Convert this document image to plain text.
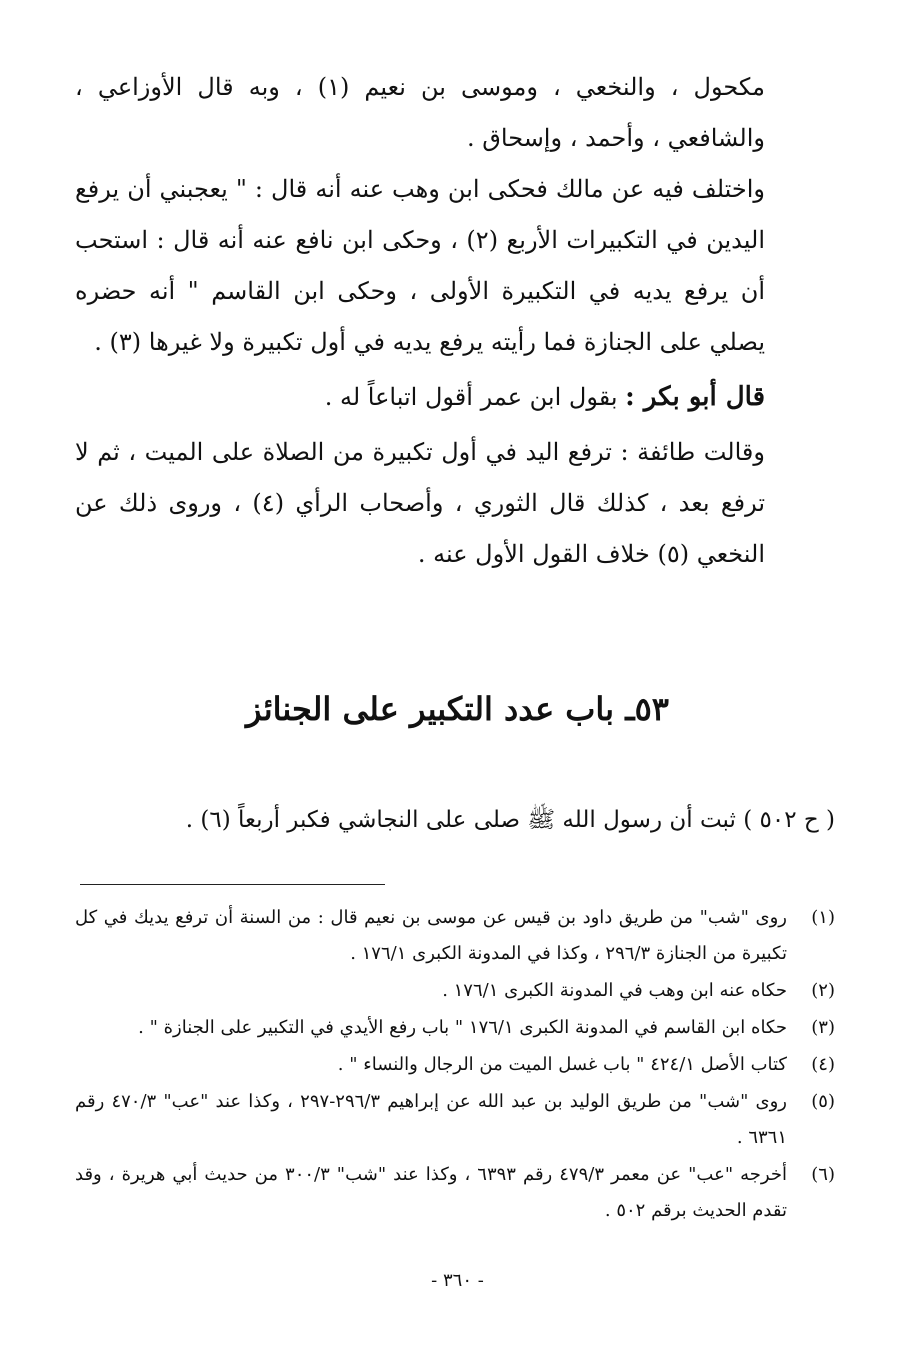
مكحول ، والنخعي ، وموسى بن نعيم (١) ، وبه قال الأوزاعي ، والشافعي ، وأحمد ، وإسحاق .

واختلف فيه عن مالك فحكى ابن وهب عنه أنه قال : " يعجبني أن يرفع اليدين في التكبيرات الأربع (٢) ، وحكى ابن نافع عنه أنه قال : استحب أن يرفع يديه في التكبيرة الأولى ، وحكى ابن القاسم " أنه حضره يصلي على الجنازة فما رأيته يرفع يديه في أول تكبيرة ولا غيرها (٣) .

قال أبو بكر : بقول ابن عمر أقول اتباعاً له .

وقالت طائفة : ترفع اليد في أول تكبيرة من الصلاة على الميت ، ثم لا ترفع بعد ، كذلك قال الثوري ، وأصحاب الرأي (٤) ، وروى ذلك عن النخعي (٥) خلاف القول الأول عنه .

٥٣ـ باب عدد التكبير على الجنائز
( ح ٥٠٢ ) ثبت أن رسول الله ﷺ صلى على النجاشي فكبر أربعاً (٦) .
(١)
روى "شب" من طريق داود بن قيس عن موسى بن نعيم قال : من السنة أن ترفع يديك في كل تكبيرة من الجنازة ٢٩٦/٣ ، وكذا في المدونة الكبرى ١٧٦/١ .
(٢)
حكاه عنه ابن وهب في المدونة الكبرى ١٧٦/١ .
(٣)
حكاه ابن القاسم في المدونة الكبرى ١٧٦/١ " باب رفع الأيدي في التكبير على الجنازة " .
(٤)
كتاب الأصل ٤٢٤/١ " باب غسل الميت من الرجال والنساء " .
(٥)
روى "شب" من طريق الوليد بن عبد الله عن إبراهيم ٢٩٦/٣-٢٩٧ ، وكذا عند "عب" ٤٧٠/٣ رقم ٦٣٦١ .
(٦)
أخرجه "عب" عن معمر ٤٧٩/٣ رقم ٦٣٩٣ ، وكذا عند "شب" ٣٠٠/٣ من حديث أبي هريرة ، وقد تقدم الحديث برقم ٥٠٢ .
- ٣٦٠ -
